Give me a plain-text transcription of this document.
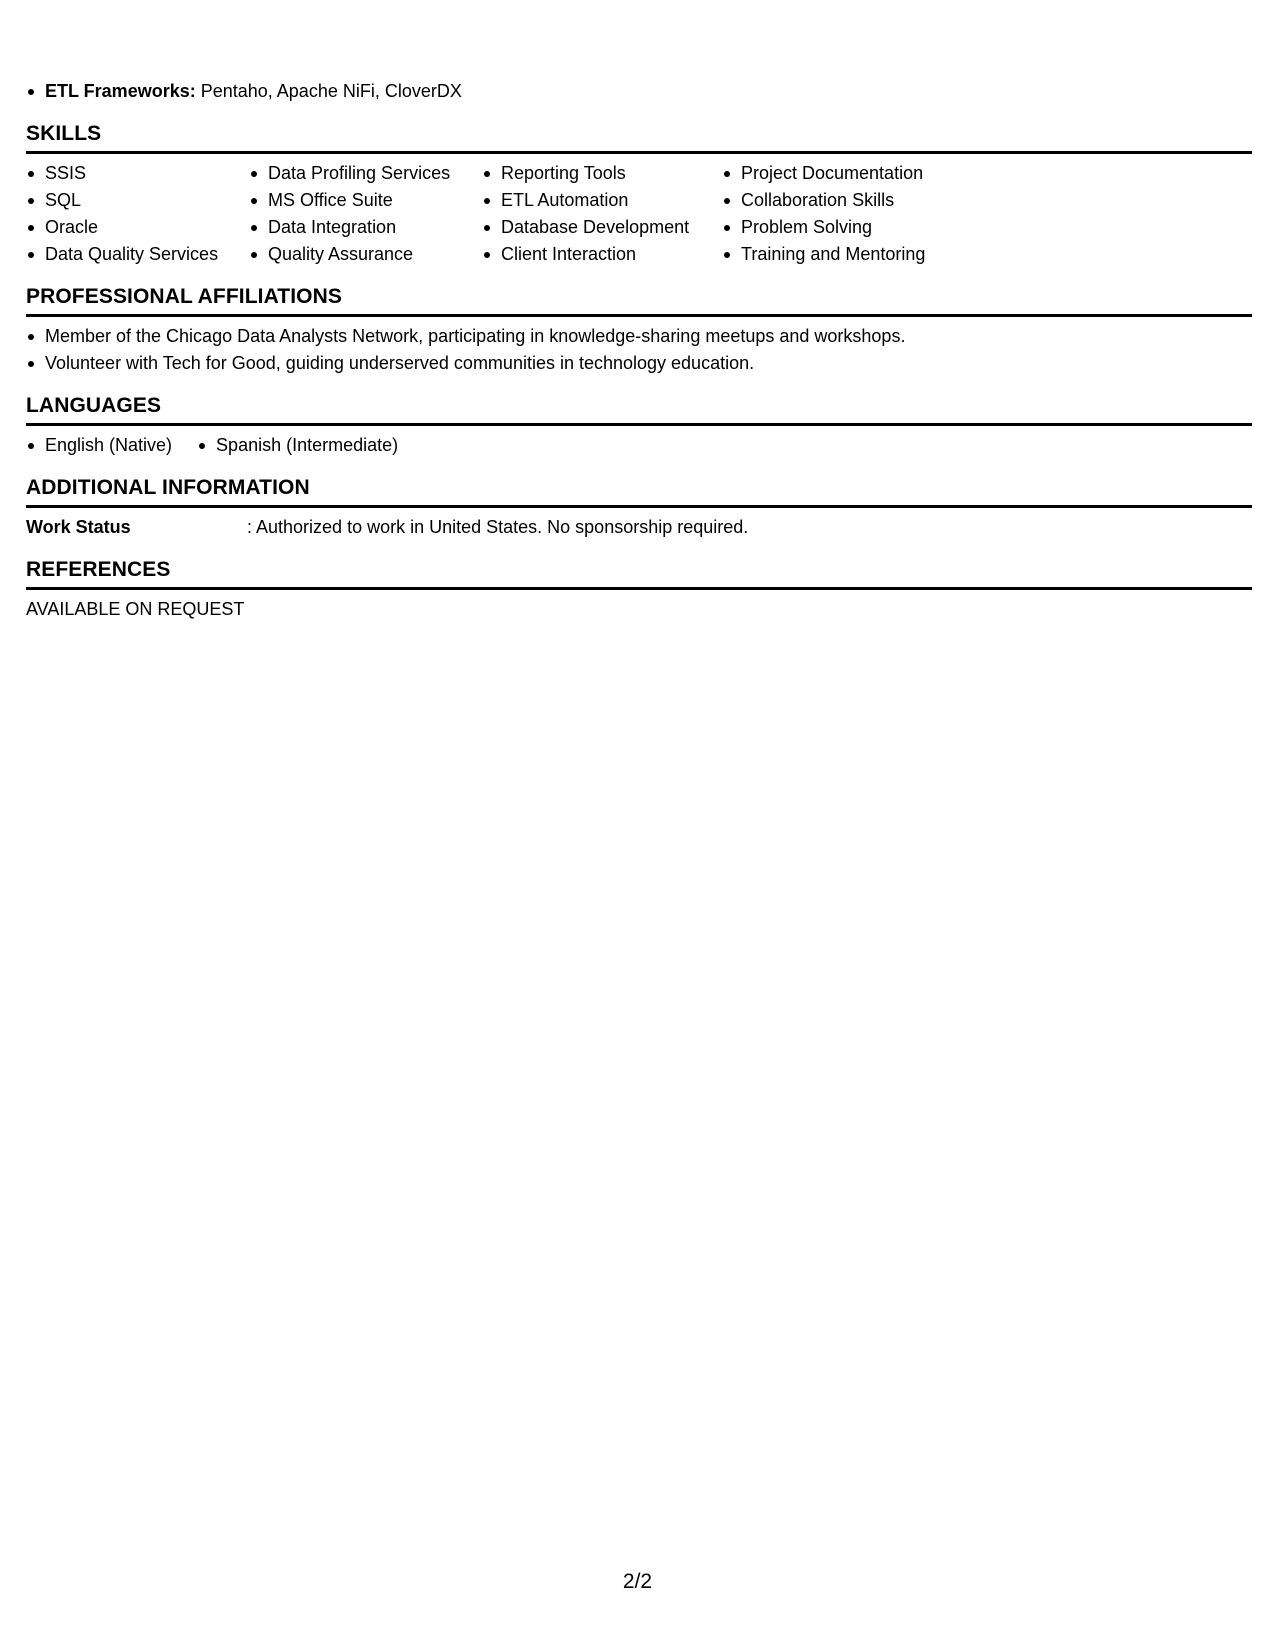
ETL Frameworks: Pentaho, Apache NiFi, CloverDX
SKILLS
SSIS
SQL
Oracle
Data Quality Services
Data Profiling Services
MS Office Suite
Data Integration
Quality Assurance
Reporting Tools
ETL Automation
Database Development
Client Interaction
Project Documentation
Collaboration Skills
Problem Solving
Training and Mentoring
PROFESSIONAL AFFILIATIONS
Member of the Chicago Data Analysts Network, participating in knowledge-sharing meetups and workshops.
Volunteer with Tech for Good, guiding underserved communities in technology education.
LANGUAGES
English (Native)	Spanish (Intermediate)
ADDITIONAL INFORMATION
Work Status	: Authorized to work in United States. No sponsorship required.
REFERENCES
AVAILABLE ON REQUEST
2/2
